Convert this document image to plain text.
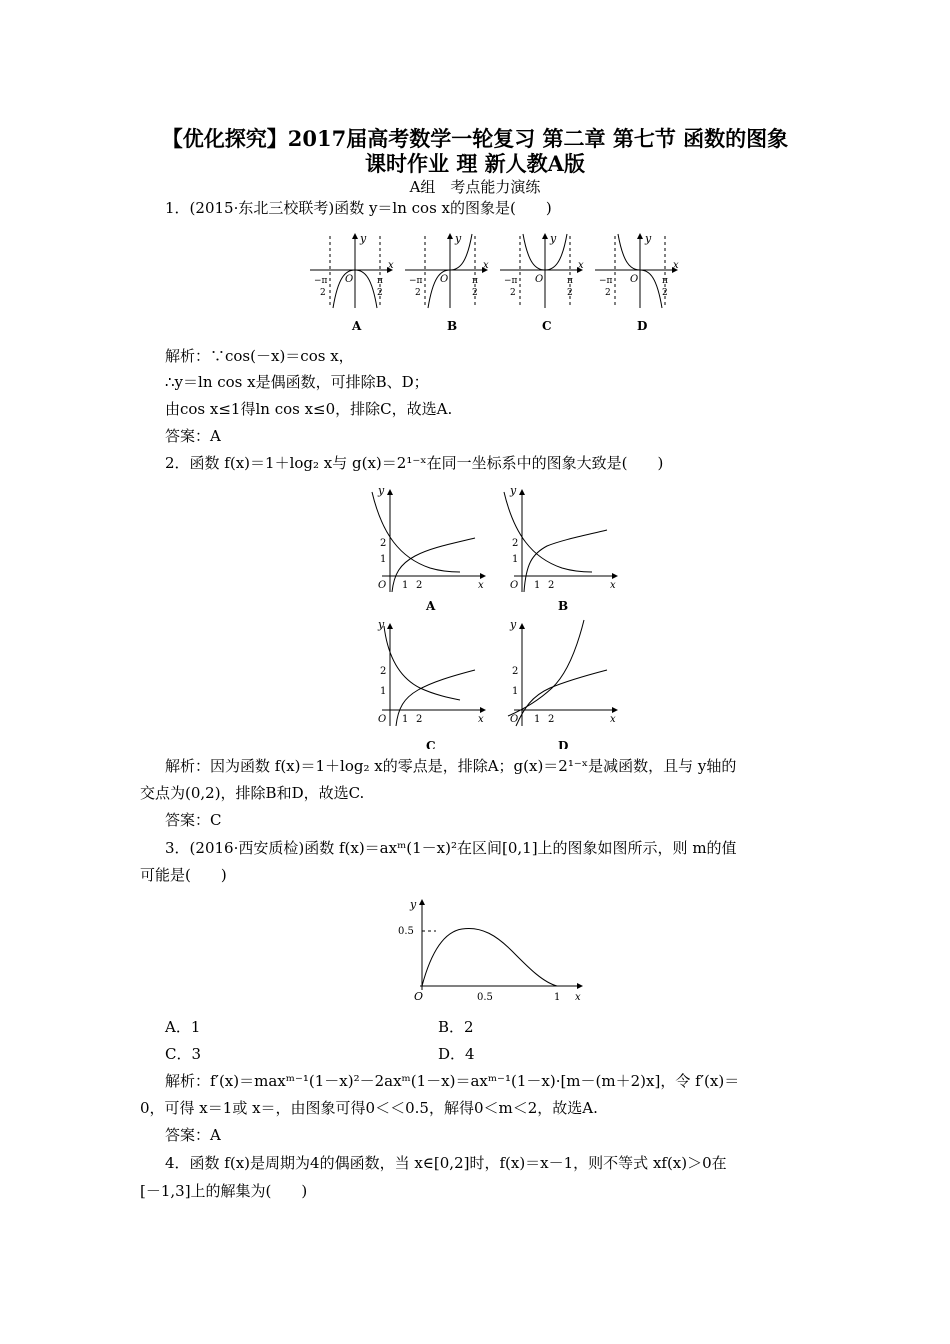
【优化探究】2017届高考数学一轮复习 第二章 第七节 函数的图象
课时作业 理 新人教A版
A组　考点能力演练
1．(2015·东北三校联考)函数 y＝ln cos x的图象是(　　)
y
x
O
−π
2
π
2
A
y
x
O
−π
2
π
2
B
y
x
O
−π
2
π
2
C
y
x
O
−π
2
π
2
D
解析：∵cos(－x)＝cos x，
∴y＝ln cos x是偶函数，可排除B、D；
由cos x≤1得ln cos x≤0，排除C，故选A.
答案：A
2．函数 f(x)＝1＋log₂ x与 g(x)＝2¹⁻ˣ在同一坐标系中的图象大致是(　　)
y
x
O
2
1
1 2
A
y
x
O
2
1
1 2
B
y
x
O
2
1
1 2
C
y
x
O
2
1
1 2
D
解析：因为函数 f(x)＝1＋log₂ x的零点是，排除A；g(x)＝2¹⁻ˣ是减函数，且与 y轴的
交点为(0,2)，排除B和D，故选C.
答案：C
3．(2016·西安质检)函数 f(x)＝axᵐ(1－x)²在区间[0,1]上的图象如图所示，则 m的值
可能是(　　)
y
x
O
0.5
0.5	1
A．1	B．2
C．3	D．4
解析：f′(x)＝maxᵐ⁻¹(1－x)²－2axᵐ(1－x)＝axᵐ⁻¹(1－x)·[m－(m＋2)x]，令 f′(x)＝
0，可得 x＝1或 x＝，由图象可得0＜＜0.5，解得0＜m＜2，故选A.
答案：A
4．函数 f(x)是周期为4的偶函数，当 x∈[0,2]时，f(x)＝x－1，则不等式 xf(x)＞0在
[－1,3]上的解集为(　　)
